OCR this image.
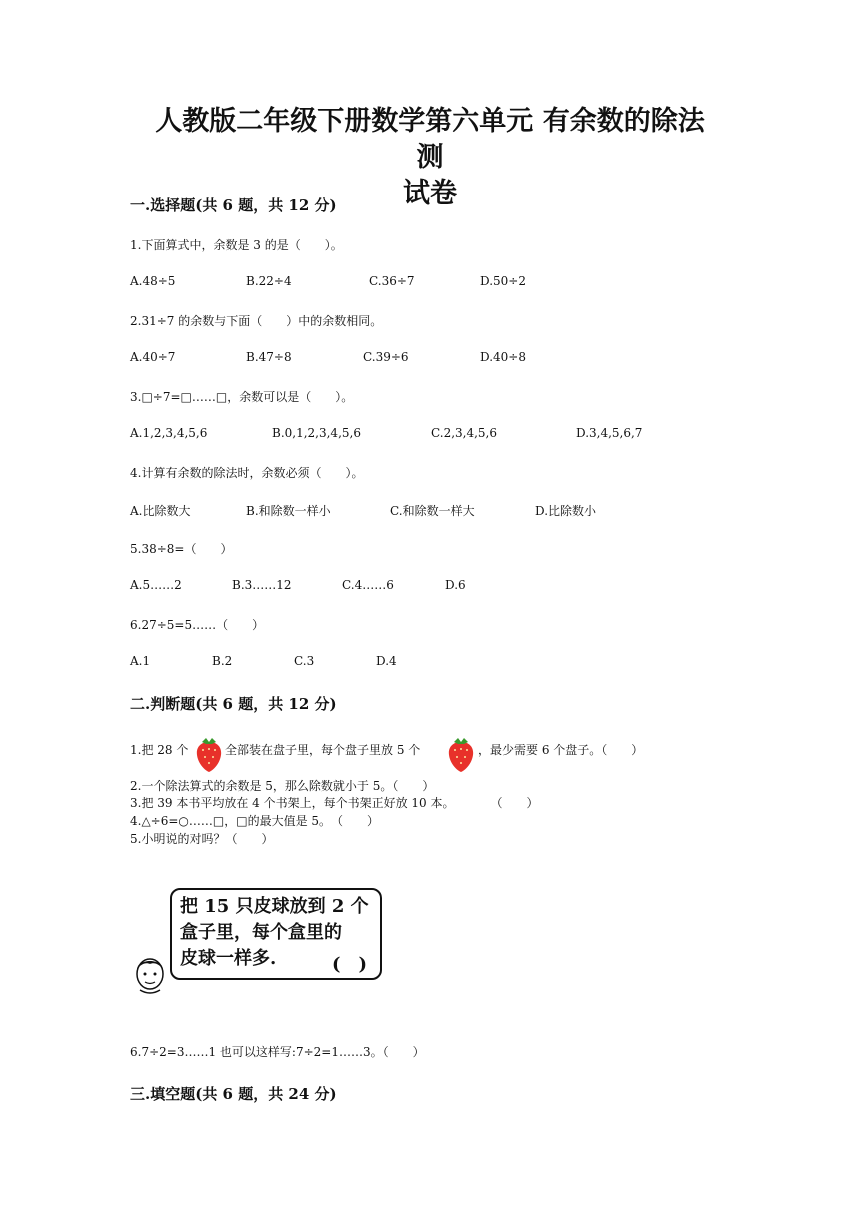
人教版二年级下册数学第六单元 有余数的除法 测
试卷
一.选择题(共 6 题，共 12 分)
1.下面算式中，余数是 3 的是（　　）。
A.48÷5	B.22÷4	C.36÷7	D.50÷2
2.31÷7 的余数与下面（　　）中的余数相同。
A.40÷7	B.47÷8	C.39÷6	D.40÷8
3.□÷7=□……□，余数可以是（　　）。
A.1,2,3,4,5,6	B.0,1,2,3,4,5,6	C.2,3,4,5,6	D.3,4,5,6,7
4.计算有余数的除法时，余数必须（　　）。
A.比除数大	B.和除数一样小	C.和除数一样大	D.比除数小
5.38÷8=（　　）
A.5……2	B.3……12	C.4……6	D.6
6.27÷5=5……（　　）
A.1	B.2	C.3	D.4
二.判断题(共 6 题，共 12 分)
1.把 28 个	全部装在盘子里，每个盘子里放 5 个	，最少需要 6 个盘子。（　　）
2.一个除法算式的余数是 5，那么除数就小于 5。（　　）
3.把 39 本书平均放在 4 个书架上，每个书架正好放 10 本。　　　　（　　）
4.△÷6=○……□，□的最大值是 5。　（　　）
5.小明说的对吗？（　　）
把 15 只皮球放到 2 个
盒子里，每个盒里的
皮球一样多.	(　)
6.7÷2=3……1 也可以这样写:7÷2=1……3。（　　）
三.填空题(共 6 题，共 24 分)
